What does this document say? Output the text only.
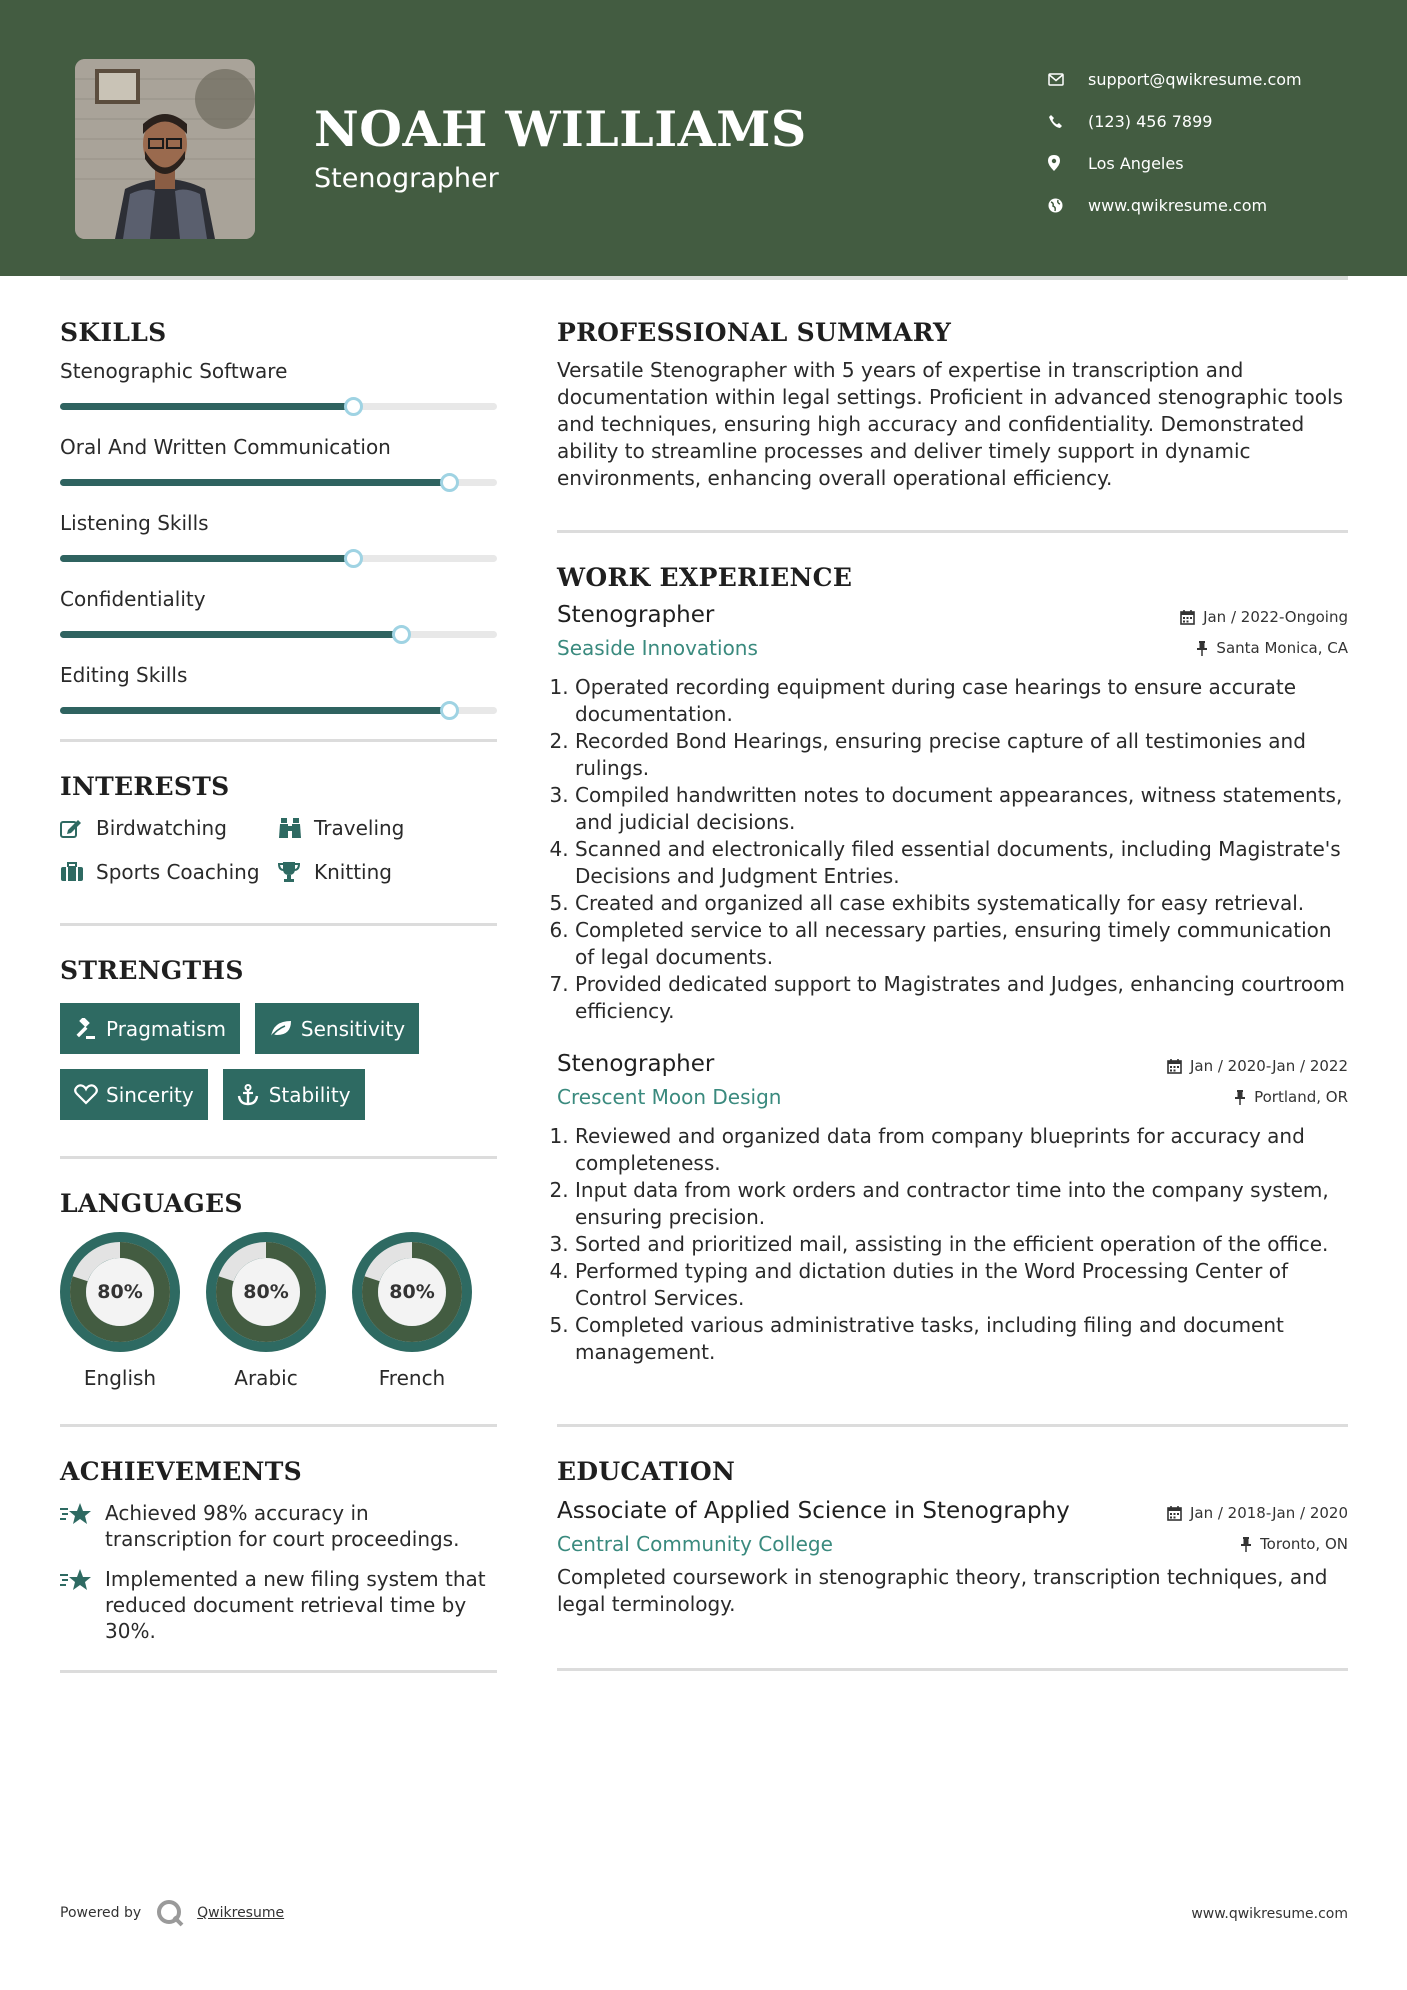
NOAH WILLIAMS
Stenographer
support@qwikresume.com
(123) 456 7899
Los Angeles
www.qwikresume.com
SKILLS
Stenographic Software
Oral And Written Communication
Listening Skills
Confidentiality
Editing Skills
INTERESTS
Birdwatching	Traveling
Sports Coaching	Knitting
STRENGTHS
Pragmatism	Sensitivity
Sincerity	Stability
LANGUAGES
80%
English
80%
Arabic
80%
French
ACHIEVEMENTS
Achieved 98% accuracy in transcription for court proceedings.
Implemented a new filing system that reduced document retrieval time by 30%.
PROFESSIONAL SUMMARY
Versatile Stenographer with 5 years of expertise in transcription and documentation within legal settings. Proficient in advanced stenographic tools and techniques, ensuring high accuracy and confidentiality. Demonstrated ability to streamline processes and deliver timely support in dynamic environments, enhancing overall operational efficiency.
WORK EXPERIENCE
Stenographer	Jan / 2022-Ongoing
Seaside Innovations	Santa Monica, CA
1. Operated recording equipment during case hearings to ensure accurate documentation.
2. Recorded Bond Hearings, ensuring precise capture of all testimonies and rulings.
3. Compiled handwritten notes to document appearances, witness statements, and judicial decisions.
4. Scanned and electronically filed essential documents, including Magistrate's Decisions and Judgment Entries.
5. Created and organized all case exhibits systematically for easy retrieval.
6. Completed service to all necessary parties, ensuring timely communication of legal documents.
7. Provided dedicated support to Magistrates and Judges, enhancing courtroom efficiency.
Stenographer	Jan / 2020-Jan / 2022
Crescent Moon Design	Portland, OR
1. Reviewed and organized data from company blueprints for accuracy and completeness.
2. Input data from work orders and contractor time into the company system, ensuring precision.
3. Sorted and prioritized mail, assisting in the efficient operation of the office.
4. Performed typing and dictation duties in the Word Processing Center of Control Services.
5. Completed various administrative tasks, including filing and document management.
EDUCATION
Associate of Applied Science in Stenography	Jan / 2018-Jan / 2020
Central Community College	Toronto, ON
Completed coursework in stenographic theory, transcription techniques, and legal terminology.
Powered by	Qwikresume	www.qwikresume.com
